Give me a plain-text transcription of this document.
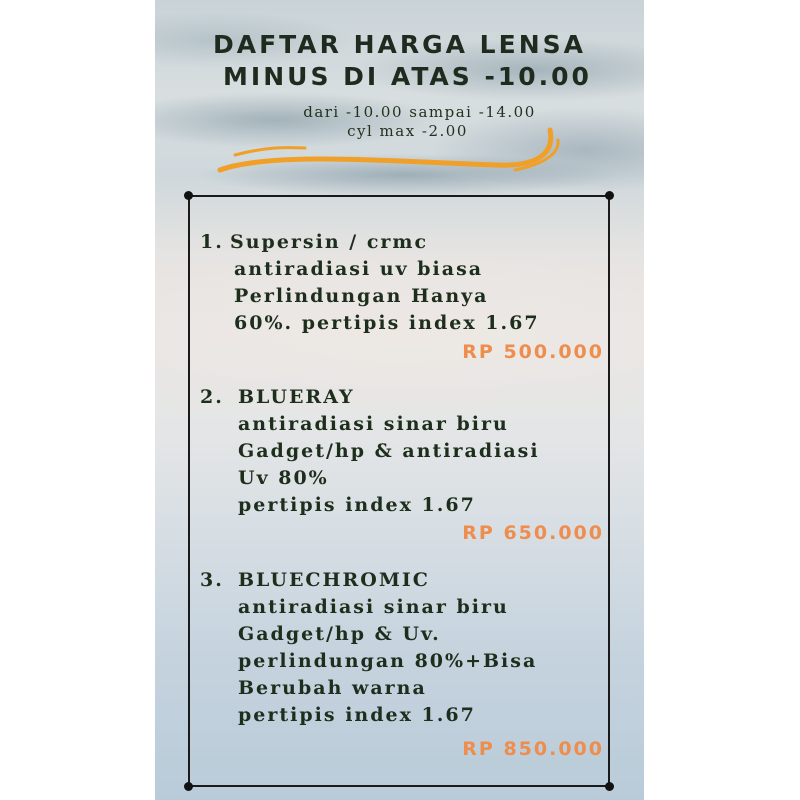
DAFTAR HARGA LENSA
MINUS DI ATAS -10.00
dari -10.00 sampai -14.00
cyl max -2.00
1. Supersin / crmc
antiradiasi uv biasa
Perlindungan Hanya
60%. pertipis index 1.67
RP 500.000
2. BLUERAY
antiradiasi sinar biru
Gadget/hp & antiradiasi
Uv 80%
pertipis index 1.67
RP 650.000
3. BLUECHROMIC
antiradiasi sinar biru
Gadget/hp & Uv.
perlindungan 80%+Bisa
Berubah warna
pertipis index 1.67
RP 850.000
